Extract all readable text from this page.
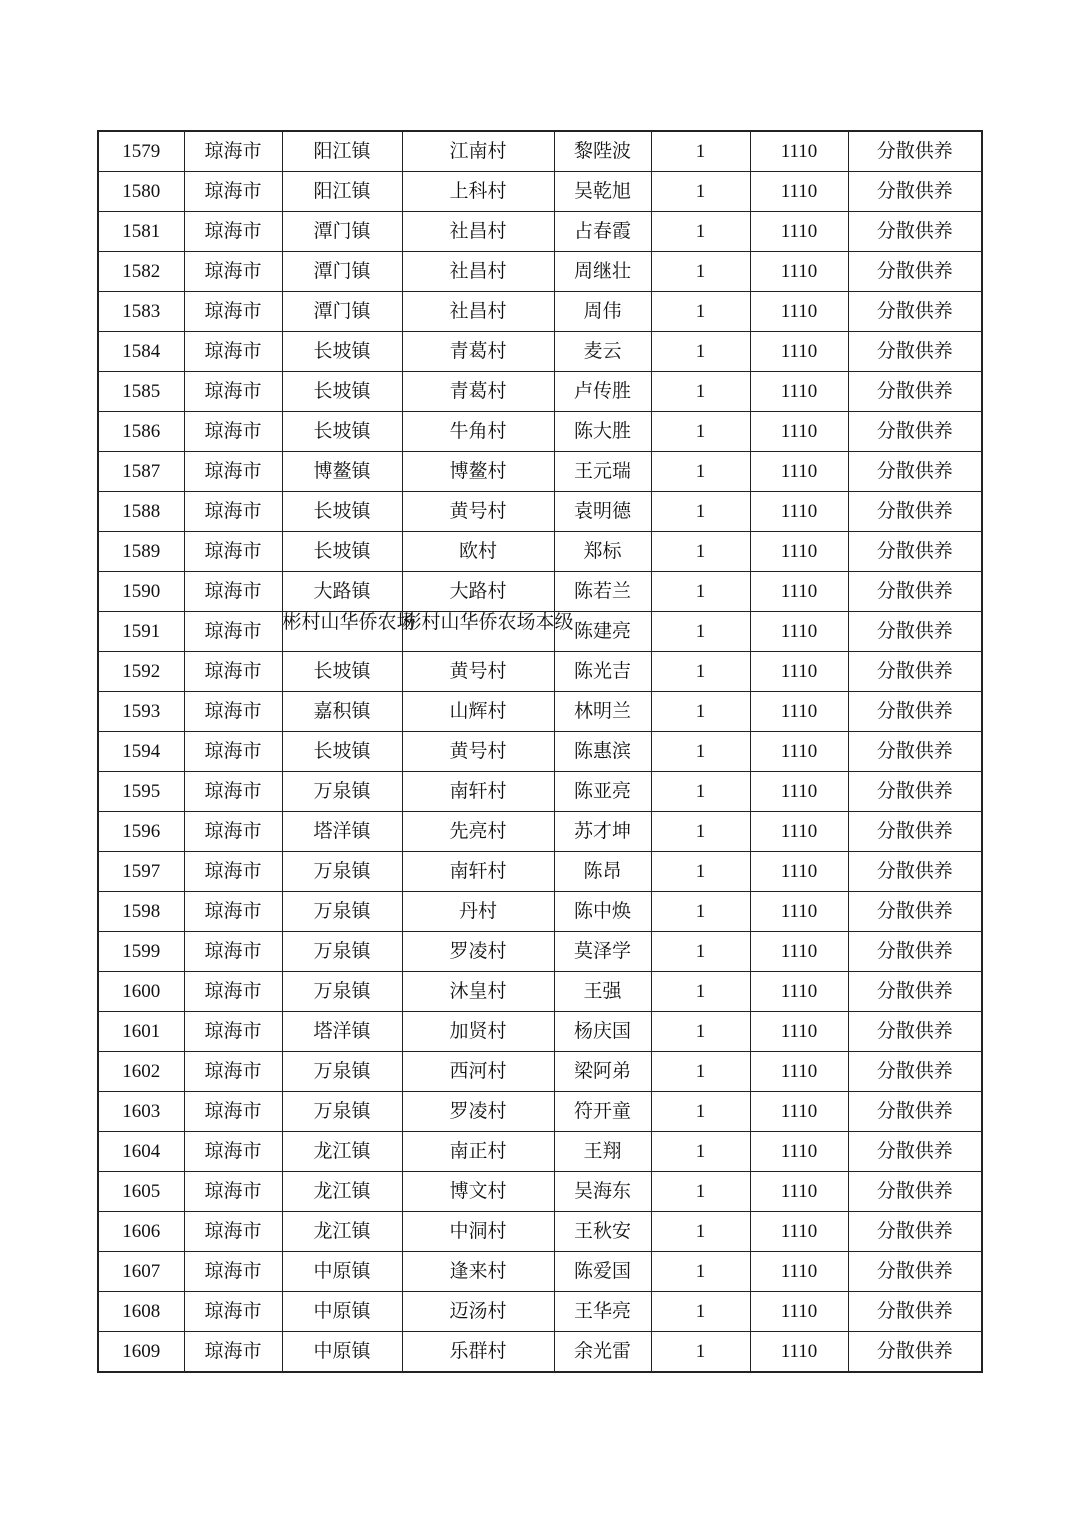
1579	琼海市	阳江镇	江南村	黎陛波	1	1110	分散供养
1580	琼海市	阳江镇	上科村	吴乾旭	1	1110	分散供养
1581	琼海市	潭门镇	社昌村	占春霞	1	1110	分散供养
1582	琼海市	潭门镇	社昌村	周继壮	1	1110	分散供养
1583	琼海市	潭门镇	社昌村	周伟	1	1110	分散供养
1584	琼海市	长坡镇	青葛村	麦云	1	1110	分散供养
1585	琼海市	长坡镇	青葛村	卢传胜	1	1110	分散供养
1586	琼海市	长坡镇	牛角村	陈大胜	1	1110	分散供养
1587	琼海市	博鳌镇	博鳌村	王元瑞	1	1110	分散供养
1588	琼海市	长坡镇	黄号村	袁明德	1	1110	分散供养
1589	琼海市	长坡镇	欧村	郑标	1	1110	分散供养
1590	琼海市	大路镇	大路村	陈若兰	1	1110	分散供养
1591	琼海市	彬村山华侨农场	彬村山华侨农场本级	陈建亮	1	1110	分散供养
1592	琼海市	长坡镇	黄号村	陈光吉	1	1110	分散供养
1593	琼海市	嘉积镇	山辉村	林明兰	1	1110	分散供养
1594	琼海市	长坡镇	黄号村	陈惠滨	1	1110	分散供养
1595	琼海市	万泉镇	南轩村	陈亚亮	1	1110	分散供养
1596	琼海市	塔洋镇	先亮村	苏才坤	1	1110	分散供养
1597	琼海市	万泉镇	南轩村	陈昂	1	1110	分散供养
1598	琼海市	万泉镇	丹村	陈中焕	1	1110	分散供养
1599	琼海市	万泉镇	罗凌村	莫泽学	1	1110	分散供养
1600	琼海市	万泉镇	沐皇村	王强	1	1110	分散供养
1601	琼海市	塔洋镇	加贤村	杨庆国	1	1110	分散供养
1602	琼海市	万泉镇	西河村	梁阿弟	1	1110	分散供养
1603	琼海市	万泉镇	罗凌村	符开童	1	1110	分散供养
1604	琼海市	龙江镇	南正村	王翔	1	1110	分散供养
1605	琼海市	龙江镇	博文村	吴海东	1	1110	分散供养
1606	琼海市	龙江镇	中洞村	王秋安	1	1110	分散供养
1607	琼海市	中原镇	逢来村	陈爱国	1	1110	分散供养
1608	琼海市	中原镇	迈汤村	王华亮	1	1110	分散供养
1609	琼海市	中原镇	乐群村	余光雷	1	1110	分散供养
